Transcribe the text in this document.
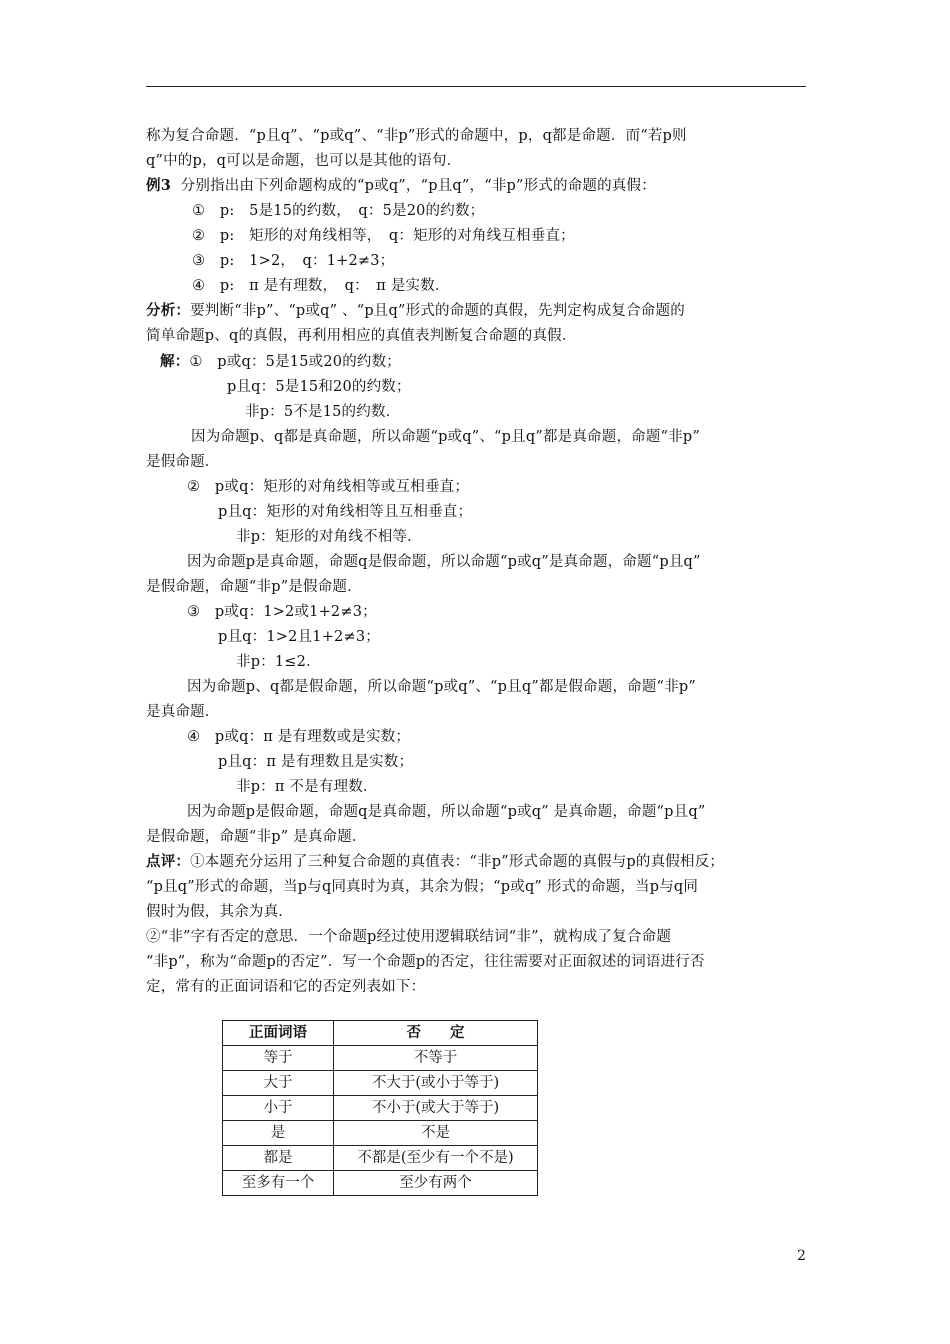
称为复合命题．“p且q”、“p或q”、“非p”形式的命题中，p，q都是命题．而“若p则
q”中的p，q可以是命题，也可以是其他的语句．
例3 分别指出由下列命题构成的“p或q”，“p且q”，“非p”形式的命题的真假：
①　p:　5是15的约数，　q：5是20的约数；
②　p:　矩形的对角线相等，　q：矩形的对角线互相垂直；
③　p:　1>2，　q：1+2≠3；
④　p:　π 是有理数，　q：　π 是实数．
分析：要判断“非p”、“p或q” 、“p且q”形式的命题的真假，先判定构成复合命题的
简单命题p、q的真假，再利用相应的真值表判断复合命题的真假．
解：①　p或q：5是15或20的约数；
p且q：5是15和20的约数；
非p：5不是15的约数．
因为命题p、q都是真命题，所以命题“p或q”、“p且q”都是真命题，命题“非p”
是假命题．
②　p或q：矩形的对角线相等或互相垂直；
p且q：矩形的对角线相等且互相垂直；
非p：矩形的对角线不相等．
因为命题p是真命题，命题q是假命题，所以命题“p或q”是真命题，命题“p且q”
是假命题，命题“非p”是假命题．
③　p或q：1>2或1+2≠3；
p且q：1>2且1+2≠3；
非p：1≤2．
因为命题p、q都是假命题，所以命题“p或q”、“p且q”都是假命题，命题“非p”
是真命题．
④　p或q：π 是有理数或是实数；
p且q：π 是有理数且是实数；
非p：π 不是有理数．
因为命题p是假命题，命题q是真命题，所以命题“p或q” 是真命题，命题“p且q”
是假命题，命题“非p” 是真命题．
点评：①本题充分运用了三种复合命题的真值表：“非p”形式命题的真假与p的真假相反；
“p且q”形式的命题，当p与q同真时为真，其余为假；“p或q” 形式的命题，当p与q同
假时为假，其余为真．
②“非”字有否定的意思．一个命题p经过使用逻辑联结词“非”，就构成了复合命题
“非p”，称为“命题p的否定”．写一个命题p的否定，往往需要对正面叙述的词语进行否
定，常有的正面词语和它的否定列表如下：
正面词语	否　　定
等于	不等于
大于	不大于(或小于等于)
小于	不小于(或大于等于)
是	不是
都是	不都是(至少有一个不是)
至多有一个	至少有两个
2
